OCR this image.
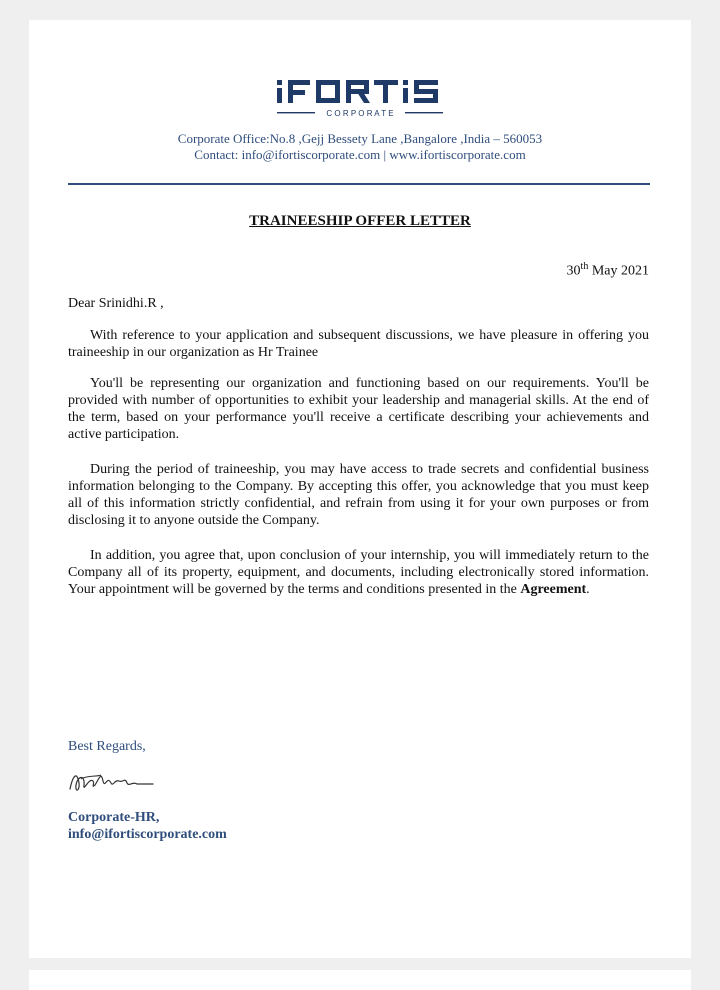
C O R P O R A T E
Corporate Office:No.8 ,Gejj Bessety Lane ,Bangalore ,India – 560053
Contact: info@ifortiscorporate.com | www.ifortiscorporate.com
TRAINEESHIP OFFER LETTER
30th May 2021
Dear Srinidhi.R ,

With reference to your application and subsequent discussions, we have pleasure in offering you traineeship in our organization as Hr Trainee

You'll be representing our organization and functioning based on our requirements. You'll be provided with number of opportunities to exhibit your leadership and managerial skills. At the end of the term, based on your performance you'll receive a certificate describing your achievements and active participation.

During the period of traineeship, you may have access to trade secrets and confidential business information belonging to the Company. By accepting this offer, you acknowledge that you must keep all of this information strictly confidential, and refrain from using it for your own purposes or from disclosing it to anyone outside the Company.

In addition, you agree that, upon conclusion of your internship, you will immediately return to the Company all of its property, equipment, and documents, including electronically stored information. Your appointment will be governed by the terms and conditions presented in the Agreement.

Best Regards,
Corporate-HR,
info@ifortiscorporate.com
